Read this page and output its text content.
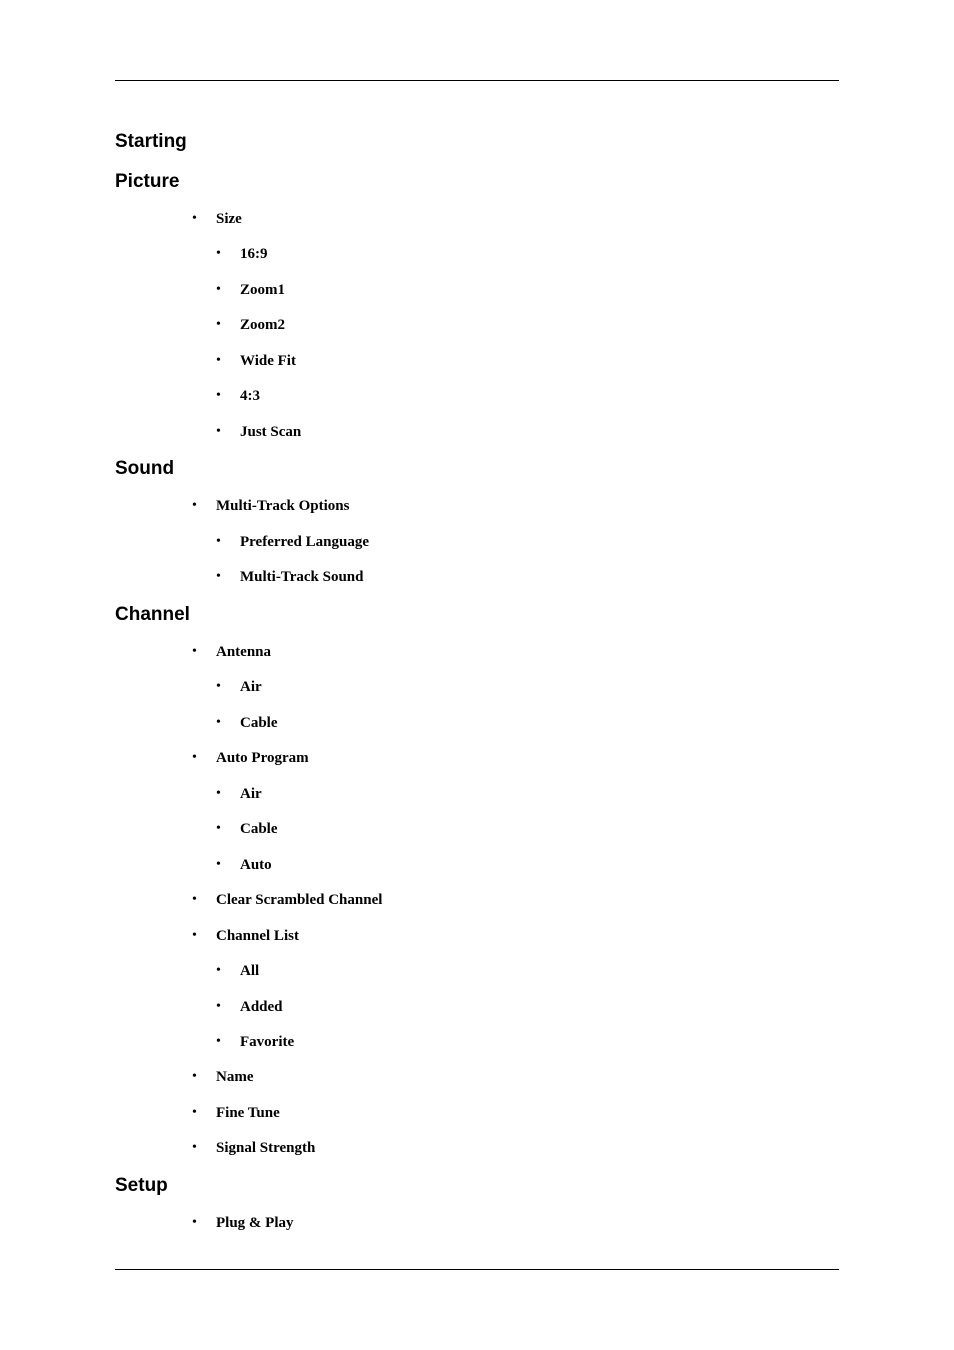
Starting
Picture
• Size
• 16:9
• Zoom1
• Zoom2
• Wide Fit
• 4:3
• Just Scan
Sound
• Multi-Track Options
• Preferred Language
• Multi-Track Sound
Channel
• Antenna
• Air
• Cable
• Auto Program
• Air
• Cable
• Auto
• Clear Scrambled Channel
• Channel List
• All
• Added
• Favorite
• Name
• Fine Tune
• Signal Strength
Setup
• Plug & Play
